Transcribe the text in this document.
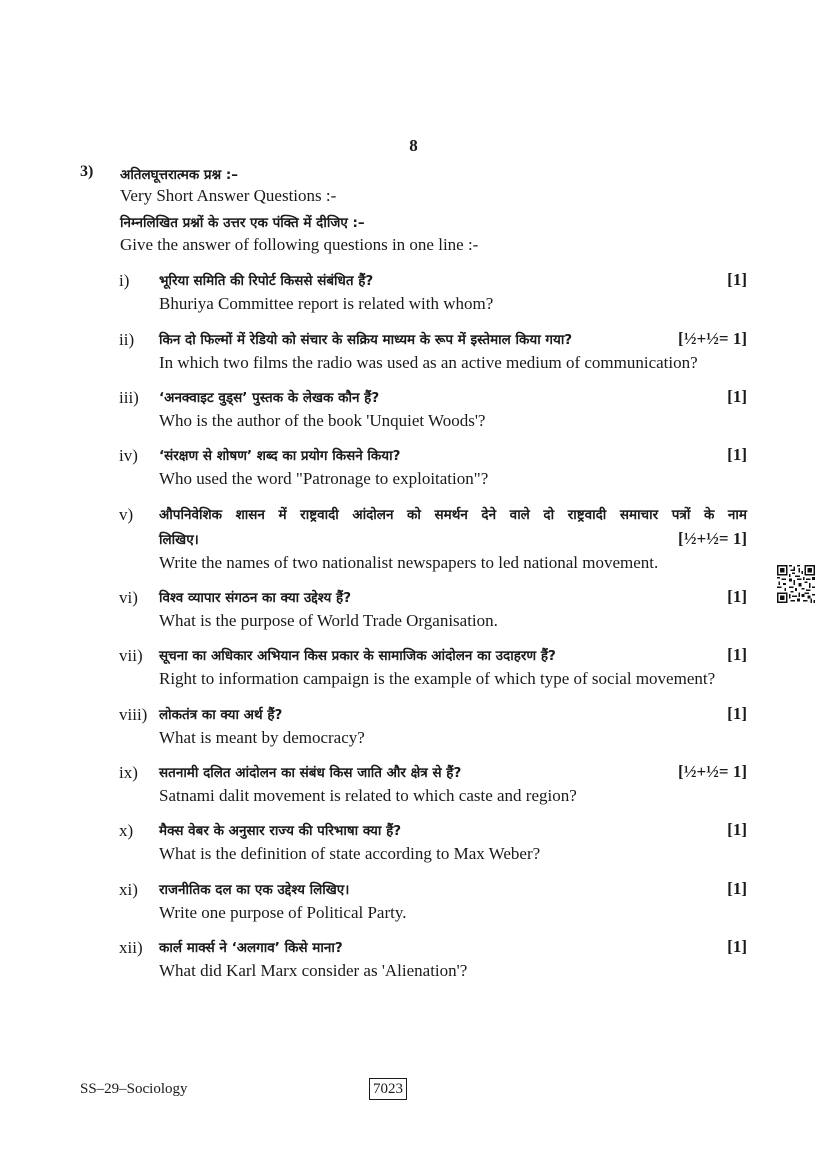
8
3) अतिलघूत्तरात्मक प्रश्न :–
Very Short Answer Questions :-
निम्नलिखित प्रश्नों के उत्तर एक पंक्ति में दीजिए :–
Give the answer of following questions in one line :-
i) भूरिया समिति की रिपोर्ट किससे संबंधित हैं?	[1]
Bhuriya Committee report is related with whom?
ii) किन दो फिल्मों में रेडियो को संचार के सक्रिय माध्यम के रूप में इस्तेमाल किया गया?	[½+½= 1]
In which two films the radio was used as an active medium of communication?
iii) ‘अनक्वाइट वुड्स’ पुस्तक के लेखक कौन हैं?	[1]
Who is the author of the book 'Unquiet Woods'?
iv) ‘संरक्षण से शोषण’ शब्द का प्रयोग किसने किया?	[1]
Who used the word "Patronage to exploitation"?
v) औपनिवेशिक शासन में राष्ट्रवादी आंदोलन को समर्थन देने वाले दो राष्ट्रवादी समाचार पत्रों के नाम
लिखिए।	[½+½= 1]
Write the names of two nationalist newspapers to led national movement.
vi) विश्व व्यापार संगठन का क्या उद्देश्य हैं?	[1]
What is the purpose of World Trade Organisation.
vii) सूचना का अधिकार अभियान किस प्रकार के सामाजिक आंदोलन का उदाहरण हैं?	[1]
Right to information campaign is the example of which type of social movement?
viii) लोकतंत्र का क्या अर्थ हैं?	[1]
What is meant by democracy?
ix) सतनामी दलित आंदोलन का संबंध किस जाति और क्षेत्र से हैं?	[½+½= 1]
Satnami dalit movement is related to which caste and region?
x) मैक्स वेबर के अनुसार राज्य की परिभाषा क्या हैं?	[1]
What is the definition of state according to Max Weber?
xi) राजनीतिक दल का एक उद्देश्य लिखिए।	[1]
Write one purpose of Political Party.
xii) कार्ल मार्क्स ने ‘अलगाव’ किसे माना?	[1]
What did Karl Marx consider as 'Alienation'?
SS–29–Sociology	7023
